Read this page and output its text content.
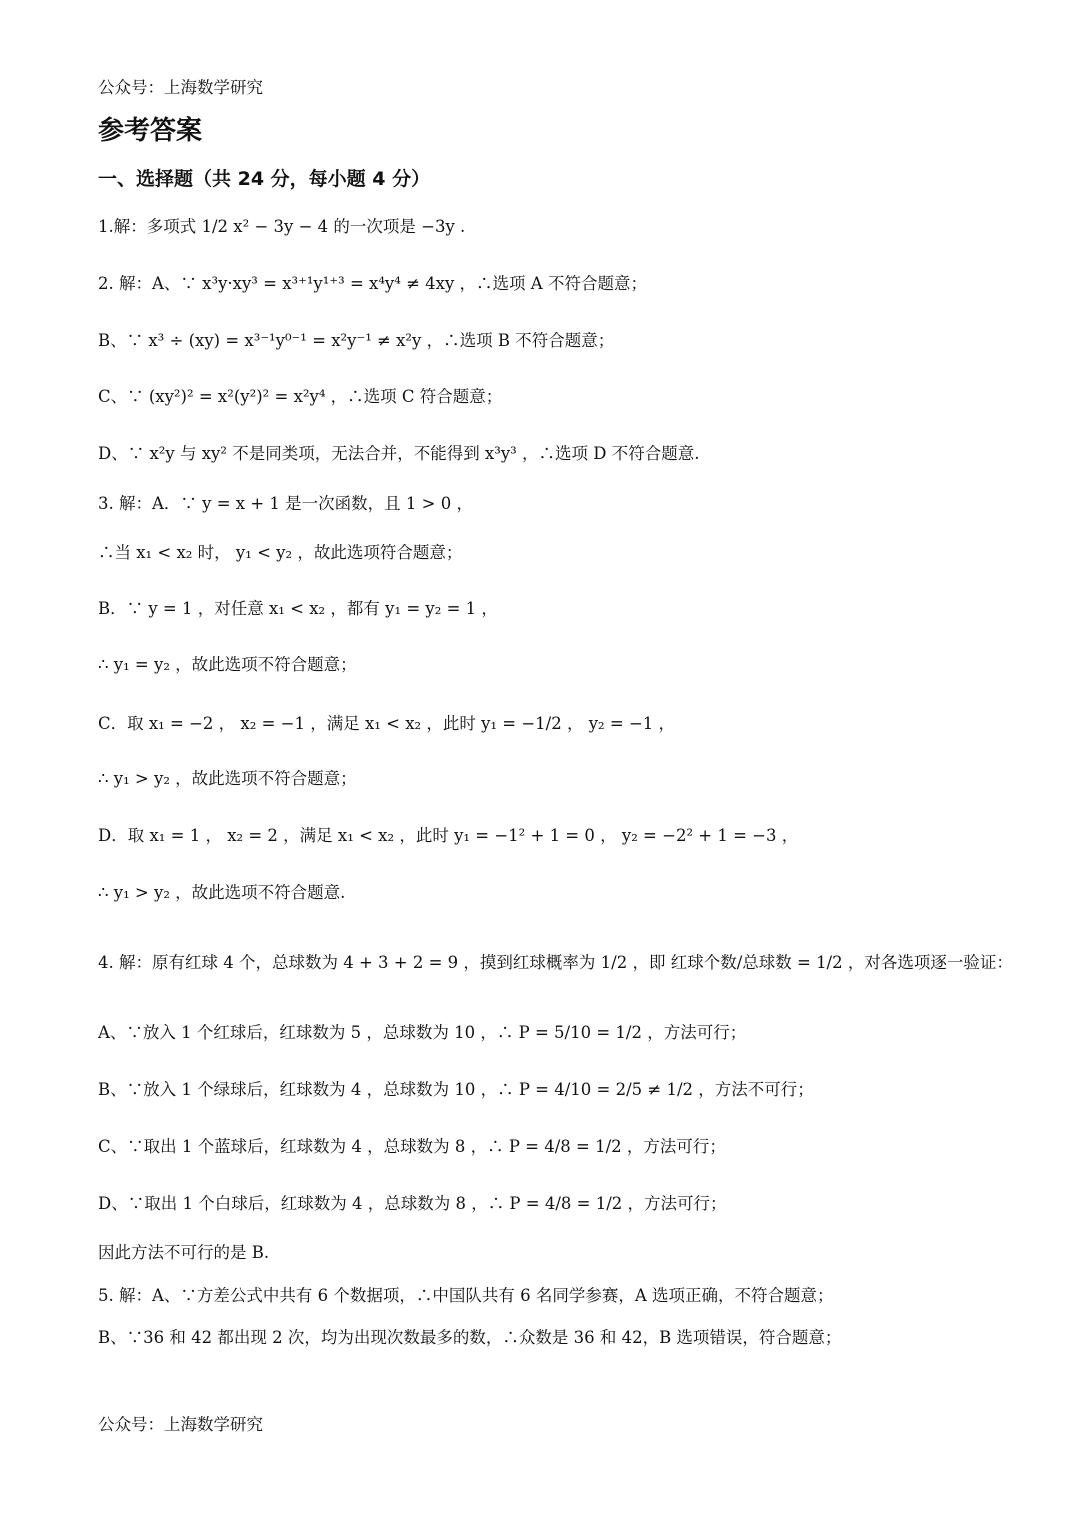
公众号：上海数学研究
参考答案
一、选择题（共 24 分，每小题 4 分）
1.解：多项式 1/2 x² − 3y − 4 的一次项是 −3y .
2. 解：A、∵ x³y·xy³ = x³⁺¹y¹⁺³ = x⁴y⁴ ≠ 4xy ，∴选项 A 不符合题意；
B、∵ x³ ÷ (xy) = x³⁻¹y⁰⁻¹ = x²y⁻¹ ≠ x²y ，∴选项 B 不符合题意；
C、∵ (xy²)² = x²(y²)² = x²y⁴ ，∴选项 C 符合题意；
D、∵ x²y 与 xy² 不是同类项，无法合并，不能得到 x³y³ ，∴选项 D 不符合题意.
3. 解：A．∵ y = x + 1 是一次函数，且 1 > 0 ，
∴当 x₁ < x₂ 时， y₁ < y₂ ，故此选项符合题意；
B．∵ y = 1 ，对任意 x₁ < x₂ ，都有 y₁ = y₂ = 1 ，
∴ y₁ = y₂ ，故此选项不符合题意；
C．取 x₁ = −2 ， x₂ = −1 ，满足 x₁ < x₂ ，此时 y₁ = −1/2 ， y₂ = −1 ，
∴ y₁ > y₂ ，故此选项不符合题意；
D．取 x₁ = 1 ， x₂ = 2 ，满足 x₁ < x₂ ，此时 y₁ = −1² + 1 = 0 ， y₂ = −2² + 1 = −3 ，
∴ y₁ > y₂ ，故此选项不符合题意.
4. 解：原有红球 4 个，总球数为 4 + 3 + 2 = 9 ，摸到红球概率为 1/2 ，即 红球个数/总球数 = 1/2 ，对各选项逐一验证：
A、∵放入 1 个红球后，红球数为 5 ，总球数为 10 ，∴ P = 5/10 = 1/2 ，方法可行；
B、∵放入 1 个绿球后，红球数为 4 ，总球数为 10 ，∴ P = 4/10 = 2/5 ≠ 1/2 ，方法不可行；
C、∵取出 1 个蓝球后，红球数为 4 ，总球数为 8 ，∴ P = 4/8 = 1/2 ，方法可行；
D、∵取出 1 个白球后，红球数为 4 ，总球数为 8 ，∴ P = 4/8 = 1/2 ，方法可行；
因此方法不可行的是 B.
5. 解：A、∵方差公式中共有 6 个数据项，∴中国队共有 6 名同学参赛，A 选项正确，不符合题意；
B、∵36 和 42 都出现 2 次，均为出现次数最多的数，∴众数是 36 和 42，B 选项错误，符合题意；
公众号：上海数学研究
